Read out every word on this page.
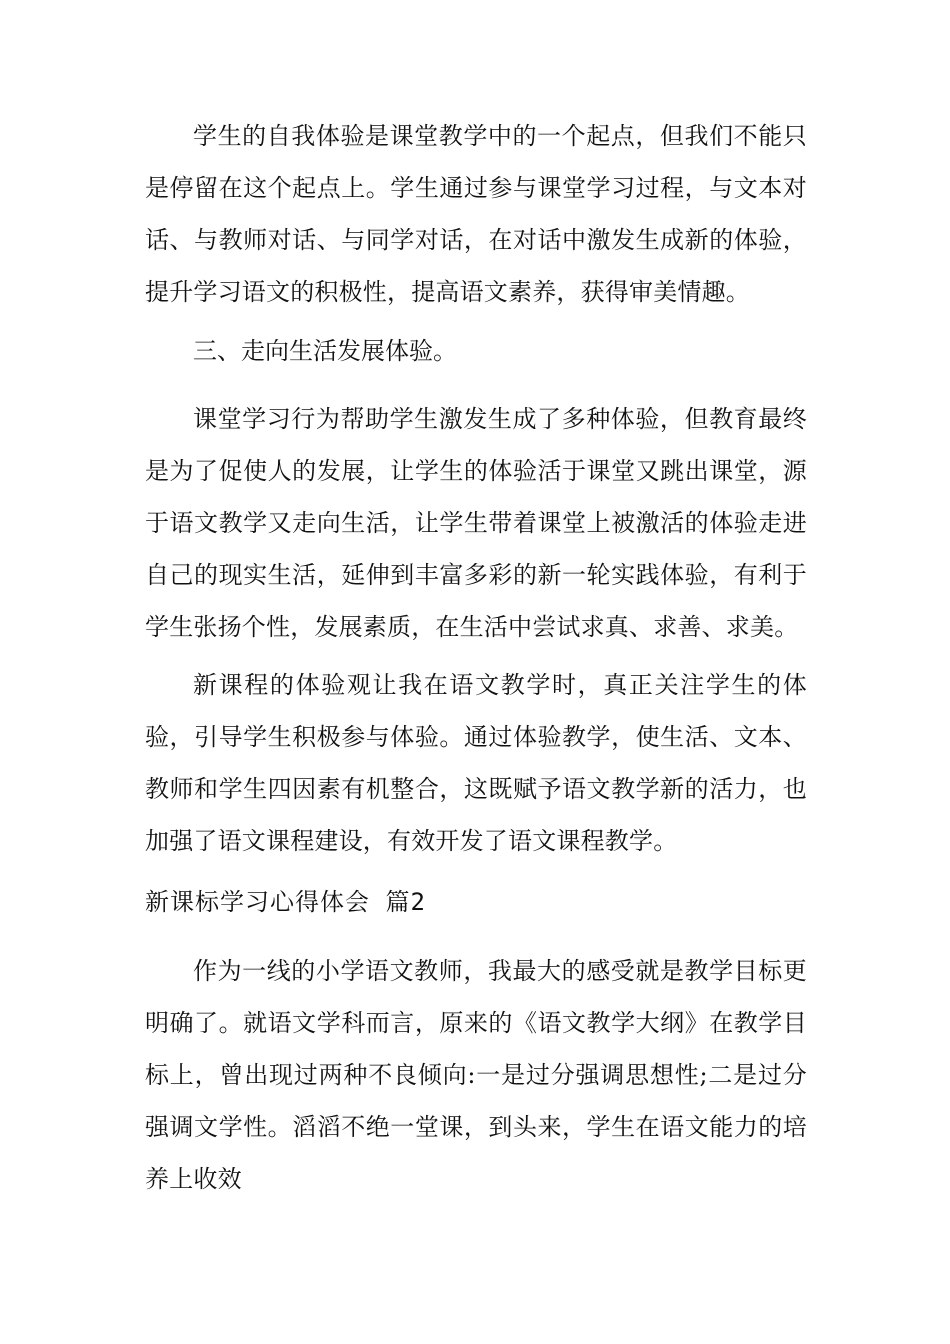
学生的自我体验是课堂教学中的一个起点，但我们不能只是停留在这个起点上。学生通过参与课堂学习过程，与文本对话、与教师对话、与同学对话，在对话中激发生成新的体验，提升学习语文的积极性，提高语文素养，获得审美情趣。

三、走向生活发展体验。

课堂学习行为帮助学生激发生成了多种体验，但教育最终是为了促使人的发展，让学生的体验活于课堂又跳出课堂，源于语文教学又走向生活，让学生带着课堂上被激活的体验走进自己的现实生活，延伸到丰富多彩的新一轮实践体验，有利于学生张扬个性，发展素质，在生活中尝试求真、求善、求美。

新课程的体验观让我在语文教学时，真正关注学生的体验，引导学生积极参与体验。通过体验教学，使生活、文本、教师和学生四因素有机整合，这既赋予语文教学新的活力，也加强了语文课程建设，有效开发了语文课程教学。

新课标学习心得体会 篇2

作为一线的小学语文教师，我最大的感受就是教学目标更明确了。就语文学科而言，原来的《语文教学大纲》在教学目标上，曾出现过两种不良倾向:一是过分强调思想性;二是过分强调文学性。滔滔不绝一堂课，到头来，学生在语文能力的培养上收效
